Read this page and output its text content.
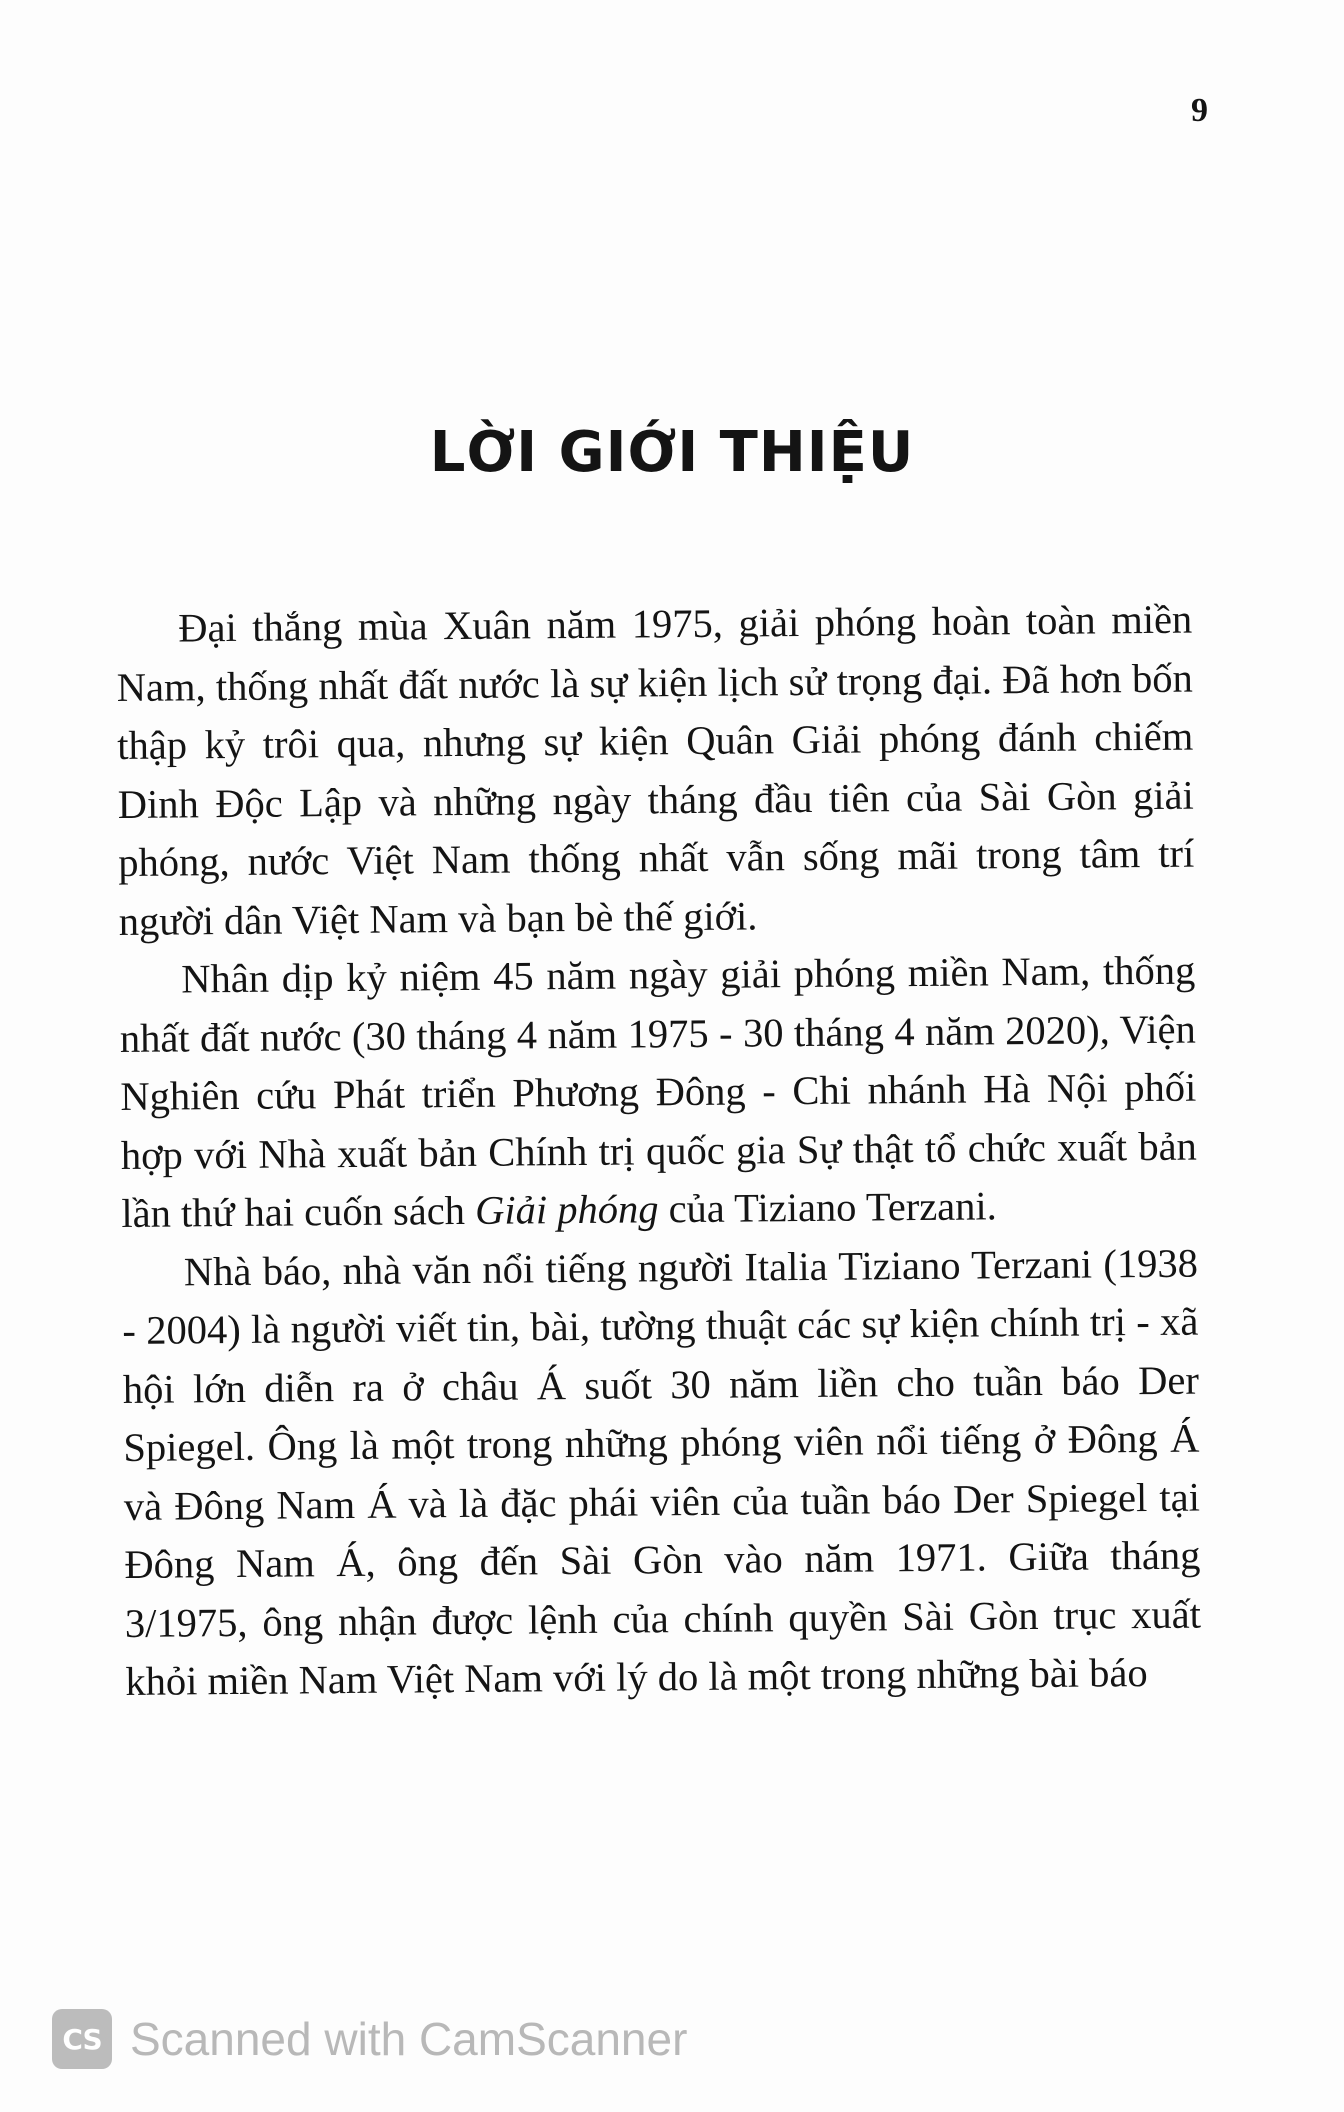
9
LỜI GIỚI THIỆU

Đại thắng mùa Xuân năm 1975, giải phóng hoàn toàn miền Nam, thống nhất đất nước là sự kiện lịch sử trọng đại. Đã hơn bốn thập kỷ trôi qua, nhưng sự kiện Quân Giải phóng đánh chiếm Dinh Độc Lập và những ngày tháng đầu tiên của Sài Gòn giải phóng, nước Việt Nam thống nhất vẫn sống mãi trong tâm trí người dân Việt Nam và bạn bè thế giới.

Nhân dịp kỷ niệm 45 năm ngày giải phóng miền Nam, thống nhất đất nước (30 tháng 4 năm 1975 - 30 tháng 4 năm 2020), Viện Nghiên cứu Phát triển Phương Đông - Chi nhánh Hà Nội phối hợp với Nhà xuất bản Chính trị quốc gia Sự thật tổ chức xuất bản lần thứ hai cuốn sách Giải phóng của Tiziano Terzani.

Nhà báo, nhà văn nổi tiếng người Italia Tiziano Terzani (1938 - 2004) là người viết tin, bài, tường thuật các sự kiện chính trị - xã hội lớn diễn ra ở châu Á suốt 30 năm liền cho tuần báo Der Spiegel. Ông là một trong những phóng viên nổi tiếng ở Đông Á và Đông Nam Á và là đặc phái viên của tuần báo Der Spiegel tại Đông Nam Á, ông đến Sài Gòn vào năm 1971. Giữa tháng 3/1975, ông nhận được lệnh của chính quyền Sài Gòn trục xuất khỏi miền Nam Việt Nam với lý do là một trong những bài báo

CS Scanned with CamScanner
